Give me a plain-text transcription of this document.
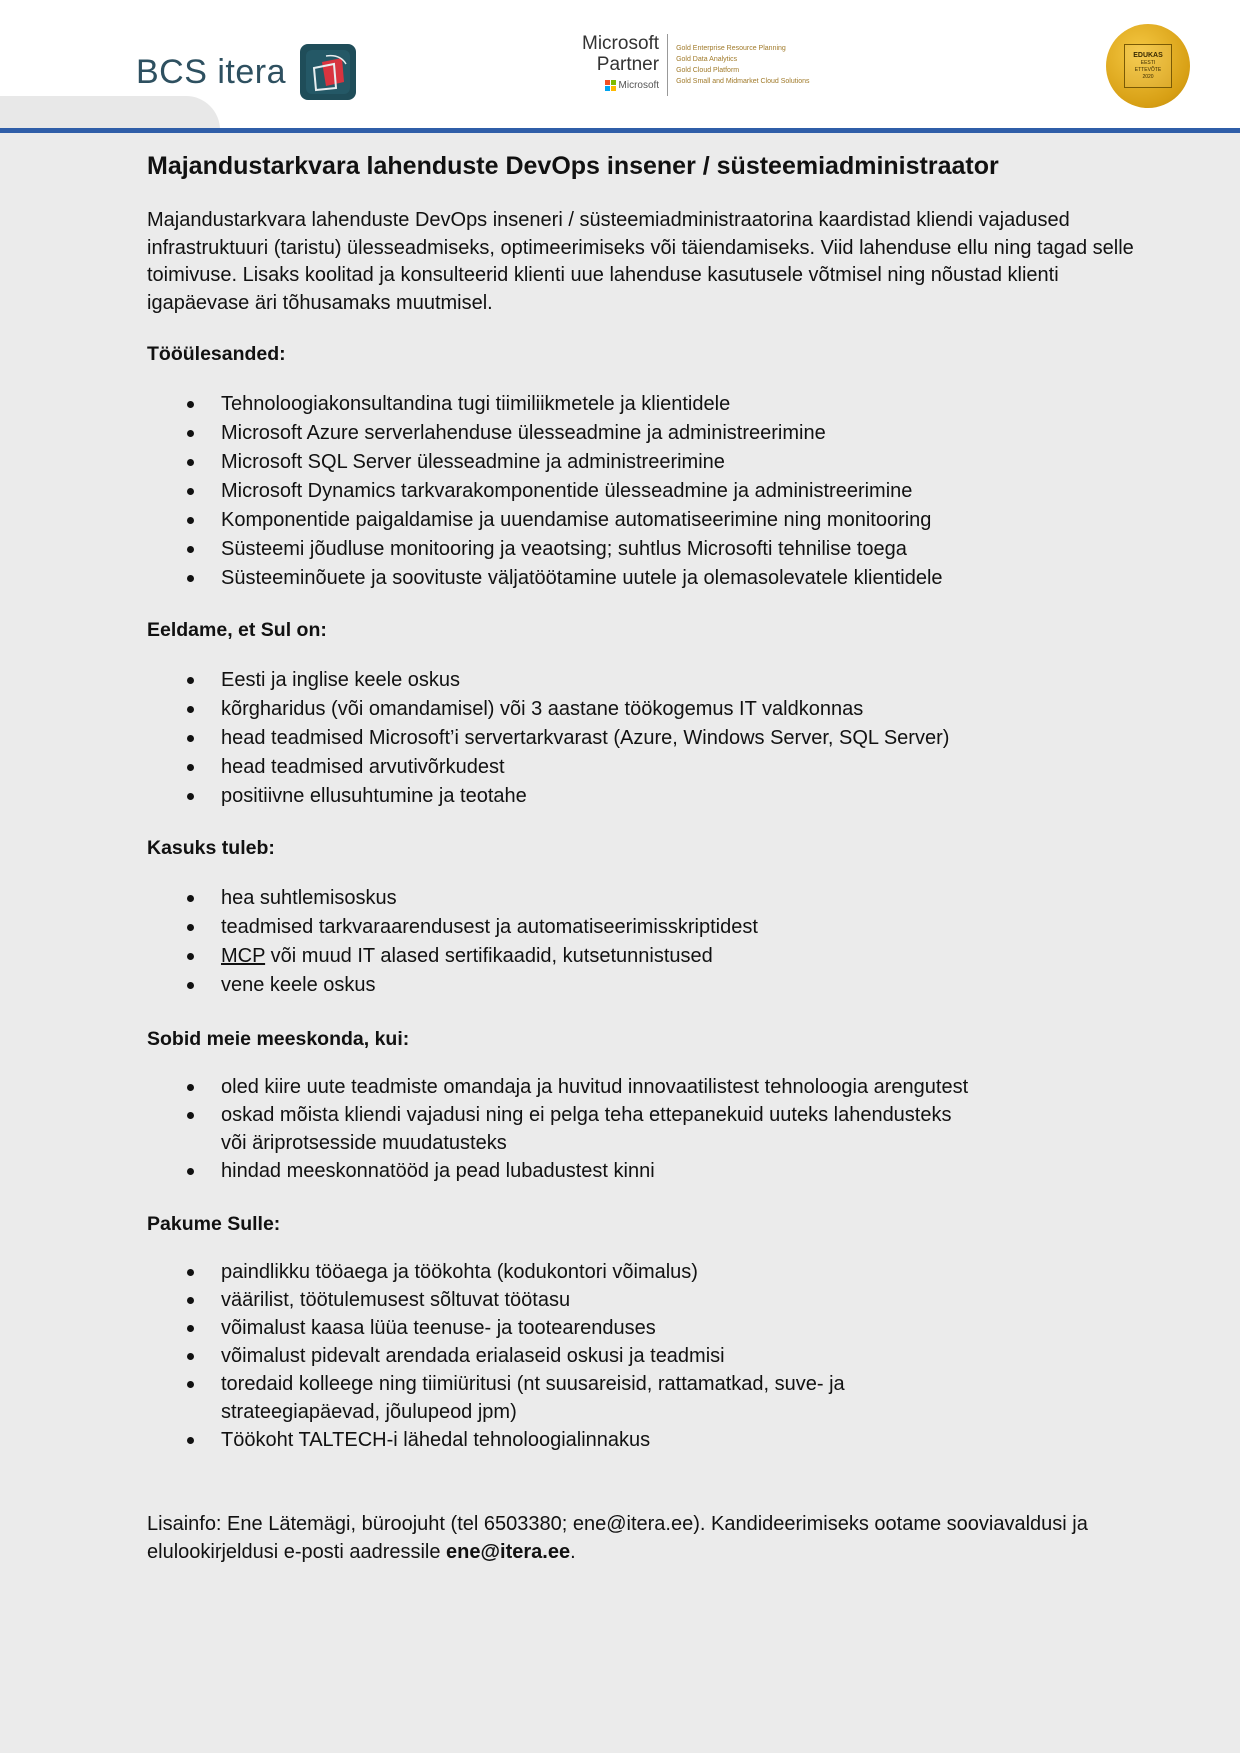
BCS itera
Microsoft
Partner
Microsoft
Gold Enterprise Resource Planning
Gold Data Analytics
Gold Cloud Platform
Gold Small and Midmarket Cloud Solutions
EDUKAS
EESTI
ETTEVÕTE
2020
Majandustarkvara lahenduste DevOps insener / süsteemiadministraator

Majandustarkvara lahenduste DevOps inseneri / süsteemiadministraatorina kaardistad kliendi vajadused infrastruktuuri (taristu) ülesseadmiseks, optimeerimiseks või täiendamiseks. Viid lahenduse ellu ning tagad selle toimivuse. Lisaks koolitad ja konsulteerid klienti uue lahenduse kasutusele võtmisel ning nõustad klienti igapäevase äri tõhusamaks muutmisel.

Tööülesanded:

Tehnoloogiakonsultandina tugi tiimiliikmetele ja klientidele
Microsoft Azure serverlahenduse ülesseadmine ja administreerimine
Microsoft SQL Server ülesseadmine ja administreerimine
Microsoft Dynamics tarkvarakomponentide ülesseadmine ja administreerimine
Komponentide paigaldamise ja uuendamise automatiseerimine ning monitooring
Süsteemi jõudluse monitooring ja veaotsing; suhtlus Microsofti tehnilise toega
Süsteeminõuete ja soovituste väljatöötamine uutele ja olemasolevatele klientidele

Eeldame, et Sul on:

Eesti ja inglise keele oskus
kõrgharidus (või omandamisel) või 3 aastane töökogemus IT valdkonnas
head teadmised Microsoft’i servertarkvarast (Azure, Windows Server, SQL Server)
head teadmised arvutivõrkudest
positiivne ellusuhtumine ja teotahe

Kasuks tuleb:

hea suhtlemisoskus
teadmised tarkvaraarendusest ja automatiseerimisskriptidest
MCP või muud IT alased sertifikaadid, kutsetunnistused
vene keele oskus

Sobid meie meeskonda, kui:

oled kiire uute teadmiste omandaja ja huvitud innovaatilistest tehnoloogia arengutest
oskad mõista kliendi vajadusi ning ei pelga teha ettepanekuid uuteks lahendusteks või äriprotsesside muudatusteks
hindad meeskonnatööd ja pead lubadustest kinni

Pakume Sulle:

paindlikku tööaega ja töökohta (kodukontori võimalus)
väärilist, töötulemusest sõltuvat töötasu
võimalust kaasa lüüa teenuse- ja tootearenduses
võimalust pidevalt arendada erialaseid oskusi ja teadmisi
toredaid kolleege ning tiimiüritusi (nt suusareisid, rattamatkad, suve- ja strateegiapäevad, jõulupeod jpm)
Töökoht TALTECH-i lähedal tehnoloogialinnakus

Lisainfo: Ene Lätemägi, büroojuht (tel 6503380; ene@itera.ee). Kandideerimiseks ootame sooviavaldusi ja elulookirjeldusi e-posti aadressile ene@itera.ee.
